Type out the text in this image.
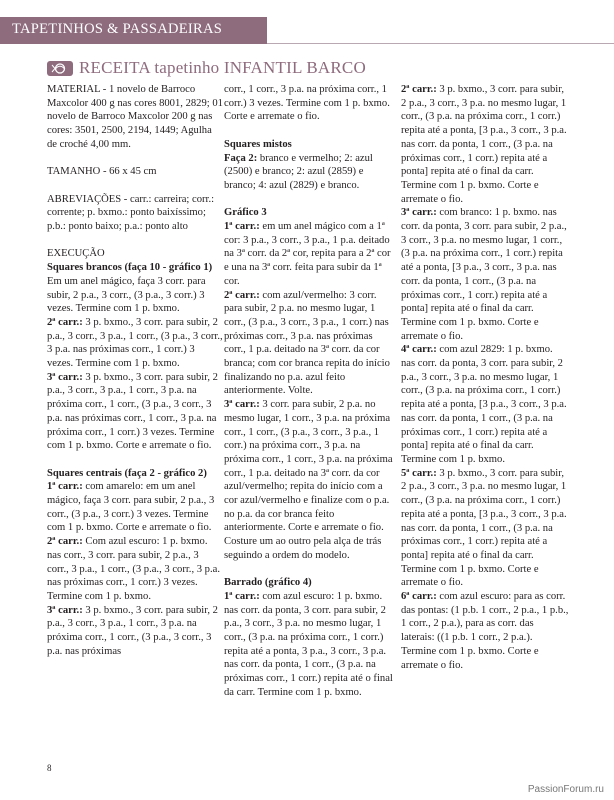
TAPETINHOS & PASSADEIRAS
RECEITA tapetinho INFANTIL BARCO

MATERIAL - 1 novelo de Barroco Maxcolor 400 g nas cores 8001, 2829; 01 novelo de Barroco Maxcolor 200 g nas cores: 3501, 2500, 2194, 1449; Agulha de croché 4,00 mm.

TAMANHO - 66 x 45 cm

ABREVIAÇÕES - carr.: carreira; corr.: corrente; p. bxmo.: ponto baixíssimo; p.b.: ponto baixo; p.a.: ponto alto

EXECUÇÃO

Squares brancos (faça 10 - gráfico 1)

Em um anel mágico, faça 3 corr. para subir, 2 p.a., 3 corr., (3 p.a., 3 corr.) 3 vezes. Termine com 1 p. bxmo.

2ª carr.: 3 p. bxmo., 3 corr. para subir, 2 p.a., 3 corr., 3 p.a., 1 corr., (3 p.a., 3 corr., 3 p.a. nas próximas corr., 1 corr.) 3 vezes. Termine com 1 p. bxmo.

3ª carr.: 3 p. bxmo., 3 corr. para subir, 2 p.a., 3 corr., 3 p.a., 1 corr., 3 p.a. na próxima corr., 1 corr., (3 p.a., 3 corr., 3 p.a. nas próximas corr., 1 corr., 3 p.a. na próxima corr., 1 corr.) 3 vezes. Termine com 1 p. bxmo. Corte e arremate o fio.

Squares centrais (faça 2 - gráfico 2)

1ª carr.: com amarelo: em um anel mágico, faça 3 corr. para subir, 2 p.a., 3 corr., (3 p.a., 3 corr.) 3 vezes. Termine com 1 p. bxmo. Corte e arremate o fio.

2ª carr.: Com azul escuro: 1 p. bxmo. nas corr., 3 corr. para subir, 2 p.a., 3 corr., 3 p.a., 1 corr., (3 p.a., 3 corr., 3 p.a. nas próximas corr., 1 corr.) 3 vezes. Termine com 1 p. bxmo.

3ª carr.: 3 p. bxmo., 3 corr. para subir, 2 p.a., 3 corr., 3 p.a., 1 corr., 3 p.a. na próxima corr., 1 corr., (3 p.a., 3 corr., 3 p.a. nas próximas

corr., 1 corr., 3 p.a. na próxima corr., 1 corr.) 3 vezes. Termine com 1 p. bxmo. Corte e arremate o fio.

Squares mistos

Faça 2: branco e vermelho; 2: azul (2500) e branco; 2: azul (2859) e branco; 4: azul (2829) e branco.

Gráfico 3

1ª carr.: em um anel mágico com a 1ª cor: 3 p.a., 3 corr., 3 p.a., 1 p.a. deitado na 3ª corr. da 2ª cor, repita para a 2ª cor e una na 3ª corr. feita para subir da 1ª cor.

2ª carr.: com azul/vermelho: 3 corr. para subir, 2 p.a. no mesmo lugar, 1 corr., (3 p.a., 3 corr., 3 p.a., 1 corr.) nas próximas corr., 3 p.a. nas próximas corr., 1 p.a. deitado na 3ª corr. da cor branca; com cor branca repita do início finalizando no p.a. azul feito anteriormente. Volte.

3ª carr.: 3 corr. para subir, 2 p.a. no mesmo lugar, 1 corr., 3 p.a. na próxima corr., 1 corr., (3 p.a., 3 corr., 3 p.a., 1 corr.) na próxima corr., 3 p.a. na próxima corr., 1 corr., 3 p.a. na próxima corr., 1 p.a. deitado na 3ª corr. da cor azul/vermelho; repita do início com a cor azul/vermelho e finalize com o p.a. no p.a. da cor branca feito anteriormente. Corte e arremate o fio. Costure um ao outro pela alça de trás seguindo a ordem do modelo.

Barrado (gráfico 4)

1ª carr.: com azul escuro: 1 p. bxmo. nas corr. da ponta, 3 corr. para subir, 2 p.a., 3 corr., 3 p.a. no mesmo lugar, 1 corr., (3 p.a. na próxima corr., 1 corr.) repita até a ponta, 3 p.a., 3 corr., 3 p.a. nas corr. da ponta, 1 corr., (3 p.a. na próximas corr., 1 corr.) repita até o final da carr. Termine com 1 p. bxmo.

2ª carr.: 3 p. bxmo., 3 corr. para subir, 2 p.a., 3 corr., 3 p.a. no mesmo lugar, 1 corr., (3 p.a. na próxima corr., 1 corr.) repita até a ponta, [3 p.a., 3 corr., 3 p.a. nas corr. da ponta, 1 corr., (3 p.a. na próximas corr., 1 corr.) repita até a ponta] repita até o final da carr. Termine com 1 p. bxmo. Corte e arremate o fio.

3ª carr.: com branco: 1 p. bxmo. nas corr. da ponta, 3 corr. para subir, 2 p.a., 3 corr., 3 p.a. no mesmo lugar, 1 corr., (3 p.a. na próxima corr., 1 corr.) repita até a ponta, [3 p.a., 3 corr., 3 p.a. nas corr. da ponta, 1 corr., (3 p.a. na próximas corr., 1 corr.) repita até a ponta] repita até o final da carr. Termine com 1 p. bxmo. Corte e arremate o fio.

4ª carr.: com azul 2829: 1 p. bxmo. nas corr. da ponta, 3 corr. para subir, 2 p.a., 3 corr., 3 p.a. no mesmo lugar, 1 corr., (3 p.a. na próxima corr., 1 corr.) repita até a ponta, [3 p.a., 3 corr., 3 p.a. nas corr. da ponta, 1 corr., (3 p.a. na próximas corr., 1 corr.) repita até a ponta] repita até o final da carr. Termine com 1 p. bxmo.

5ª carr.: 3 p. bxmo., 3 corr. para subir, 2 p.a., 3 corr., 3 p.a. no mesmo lugar, 1 corr., (3 p.a. na próxima corr., 1 corr.) repita até a ponta, [3 p.a., 3 corr., 3 p.a. nas corr. da ponta, 1 corr., (3 p.a. na próximas corr., 1 corr.) repita até a ponta] repita até o final da carr. Termine com 1 p. bxmo. Corte e arremate o fio.

6ª carr.: com azul escuro: para as corr. das pontas: (1 p.b. 1 corr., 2 p.a., 1 p.b., 1 corr., 2 p.a.), para as corr. das laterais: ((1 p.b. 1 corr., 2 p.a.). Termine com 1 p. bxmo. Corte e arremate o fio.

8
PassionForum.ru
